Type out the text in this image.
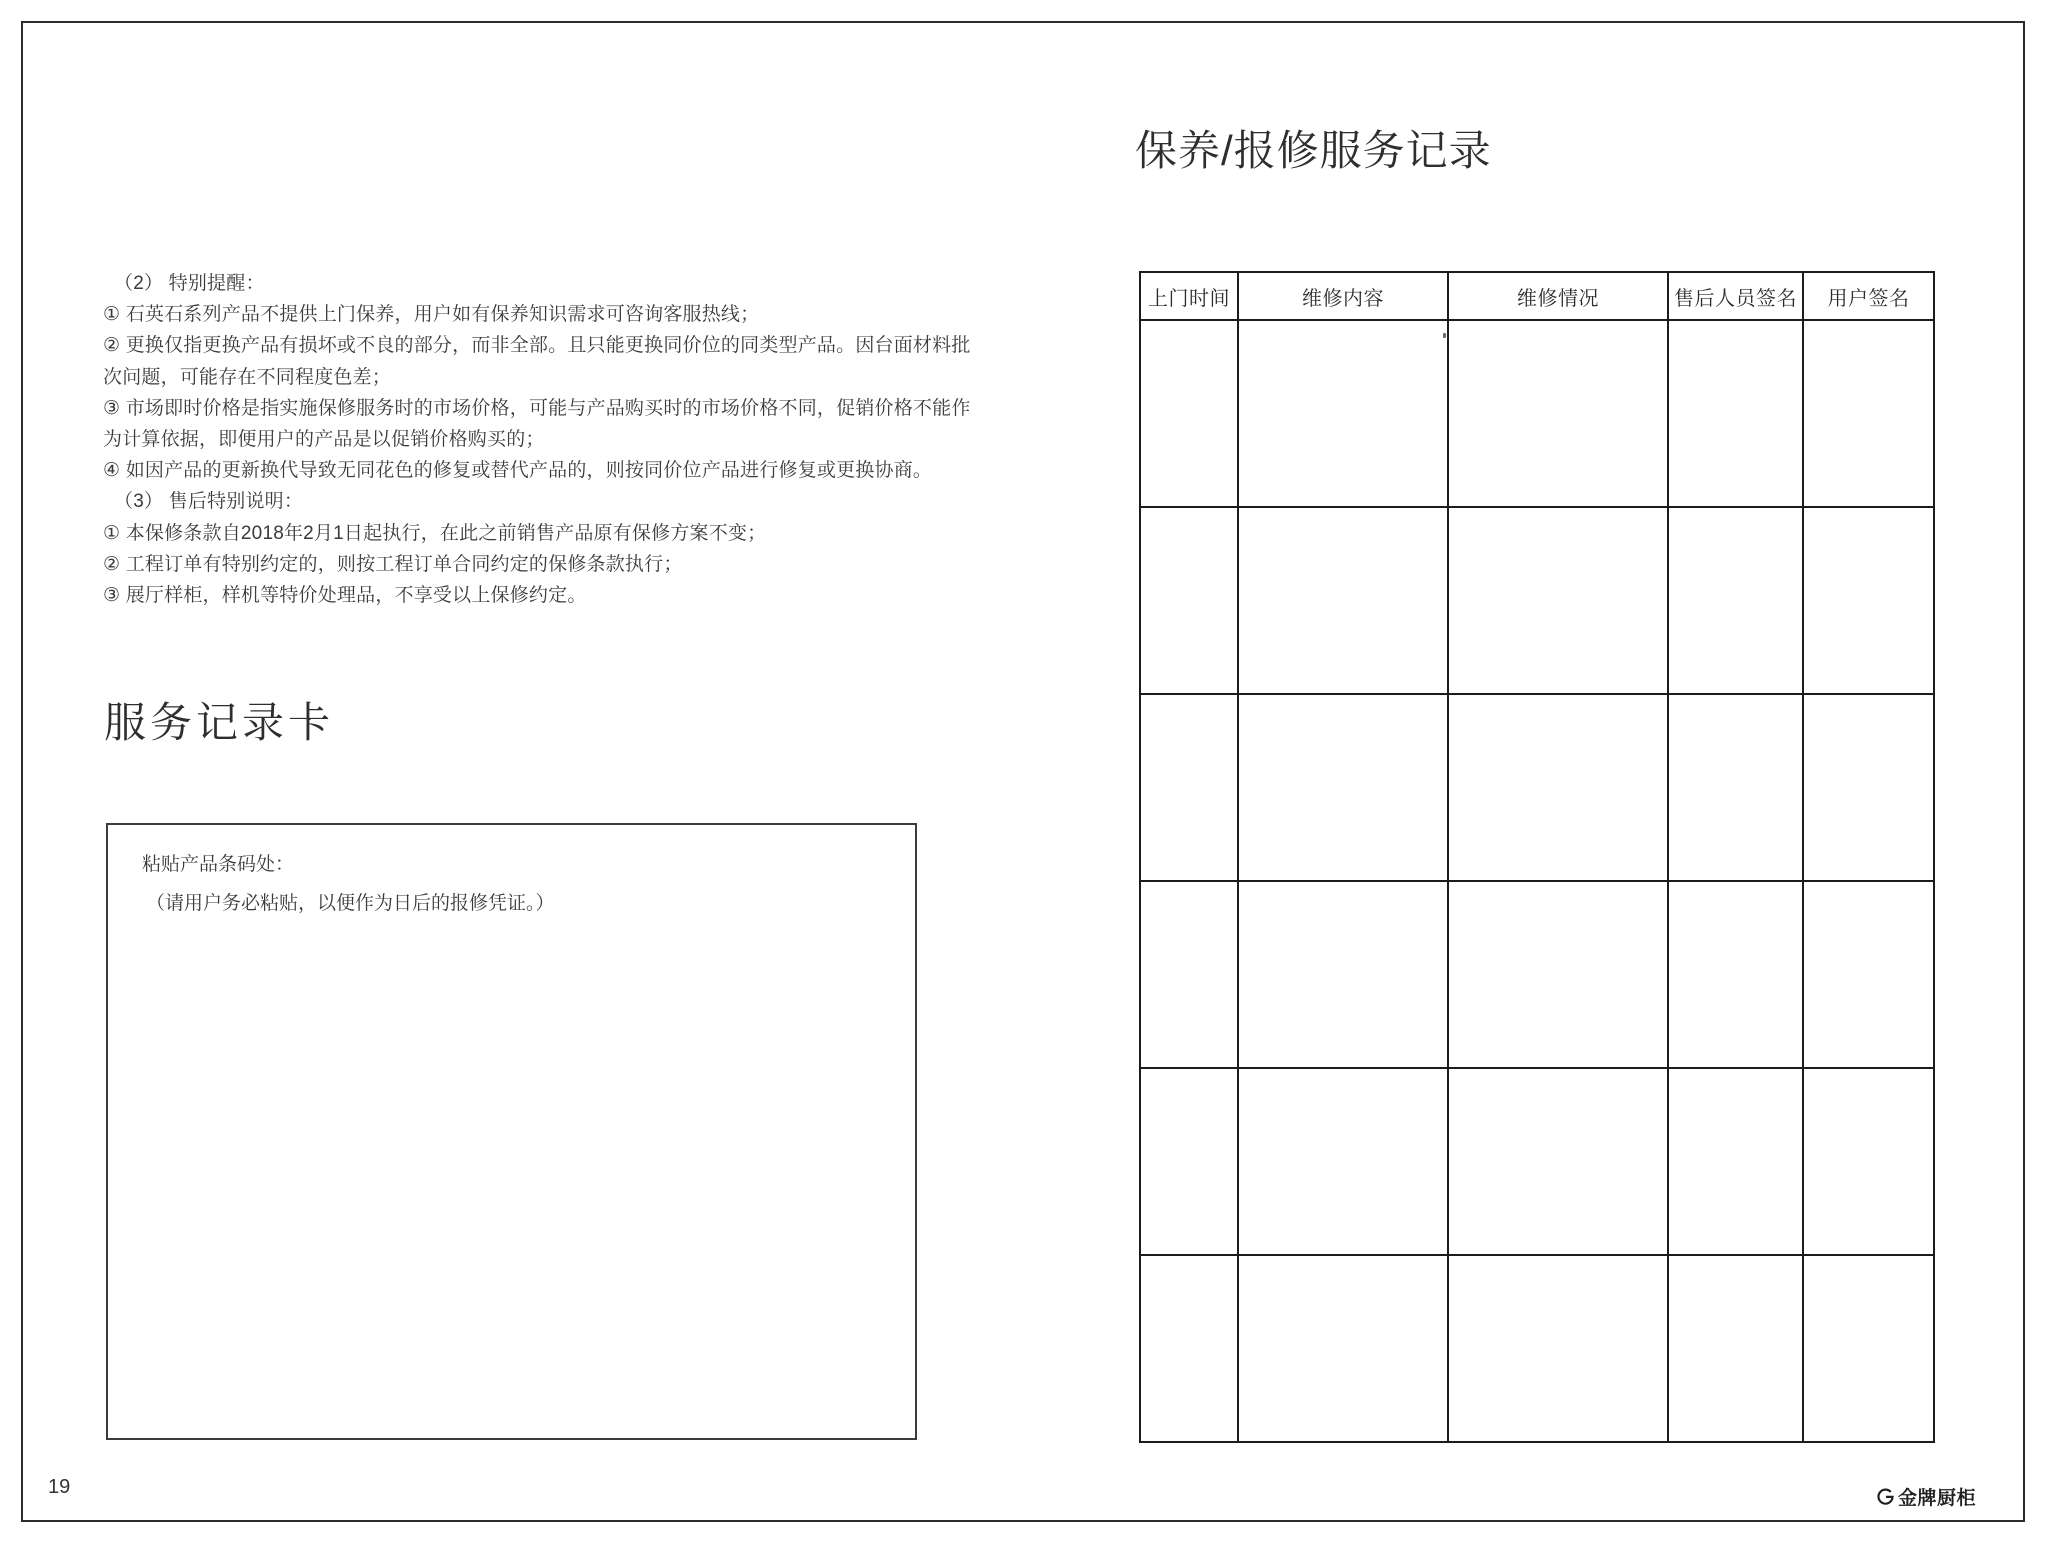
（2） 特别提醒：
① 石英石系列产品不提供上门保养，用户如有保养知识需求可咨询客服热线；
② 更换仅指更换产品有损坏或不良的部分，而非全部。且只能更换同价位的同类型产品。因台面材料批
次问题，可能存在不同程度色差；
③ 市场即时价格是指实施保修服务时的市场价格，可能与产品购买时的市场价格不同，促销价格不能作
为计算依据，即便用户的产品是以促销价格购买的；
④ 如因产品的更新换代导致无同花色的修复或替代产品的，则按同价位产品进行修复或更换协商。
（3） 售后特别说明：
① 本保修条款自2018年2月1日起执行，在此之前销售产品原有保修方案不变；
② 工程订单有特别约定的，则按工程订单合同约定的保修条款执行；
③ 展厅样柜，样机等特价处理品，不享受以上保修约定。
服务记录卡
粘贴产品条码处：
（请用户务必粘贴，以便作为日后的报修凭证。）
保养/报修服务记录
上门时间	维修内容	维修情况	售后人员签名	用户签名

19
金牌厨柜
